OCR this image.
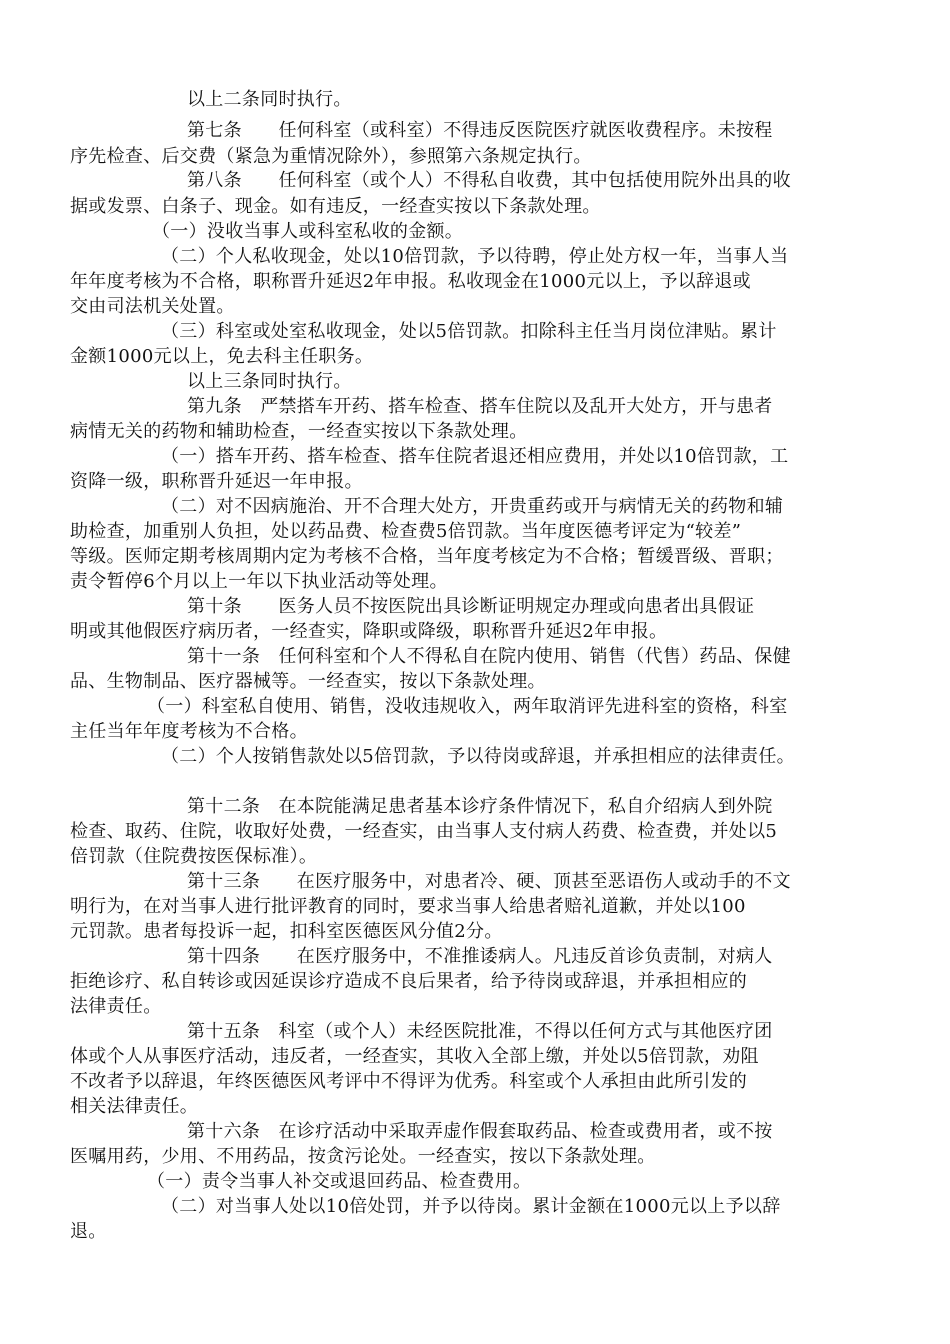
以上二条同时执行。
第七条　　任何科室（或科室）不得违反医院医疗就医收费程序。未按程
序先检查、后交费（紧急为重情况除外），参照第六条规定执行。
第八条　　任何科室（或个人）不得私自收费，其中包括使用院外出具的收
据或发票、白条子、现金。如有违反，一经查实按以下条款处理。
（一）没收当事人或科室私收的金额。
（二）个人私收现金，处以10倍罚款，予以待聘，停止处方权一年，当事人当
年年度考核为不合格，职称晋升延迟2年申报。私收现金在1000元以上，予以辞退或
交由司法机关处置。
（三）科室或处室私收现金，处以5倍罚款。扣除科主任当月岗位津贴。累计
金额1000元以上，免去科主任职务。
以上三条同时执行。
第九条　严禁搭车开药、搭车检查、搭车住院以及乱开大处方，开与患者
病情无关的药物和辅助检查，一经查实按以下条款处理。
（一）搭车开药、搭车检查、搭车住院者退还相应费用，并处以10倍罚款，工
资降一级，职称晋升延迟一年申报。
（二）对不因病施治、开不合理大处方，开贵重药或开与病情无关的药物和辅
助检查，加重别人负担，处以药品费、检查费5倍罚款。当年度医德考评定为“较差”
等级。医师定期考核周期内定为考核不合格，当年度考核定为不合格；暂缓晋级、晋职；
责令暂停6个月以上一年以下执业活动等处理。
第十条　　医务人员不按医院出具诊断证明规定办理或向患者出具假证
明或其他假医疗病历者，一经查实，降职或降级，职称晋升延迟2年申报。
第十一条　任何科室和个人不得私自在院内使用、销售（代售）药品、保健
品、生物制品、医疗器械等。一经查实，按以下条款处理。
（一）科室私自使用、销售，没收违规收入，两年取消评先进科室的资格，科室
主任当年年度考核为不合格。
（二）个人按销售款处以5倍罚款，予以待岗或辞退，并承担相应的法律责任。
第十二条　在本院能满足患者基本诊疗条件情况下，私自介绍病人到外院
检查、取药、住院，收取好处费，一经查实，由当事人支付病人药费、检查费，并处以5
倍罚款（住院费按医保标准）。
第十三条　　在医疗服务中，对患者冷、硬、顶甚至恶语伤人或动手的不文
明行为，在对当事人进行批评教育的同时，要求当事人给患者赔礼道歉，并处以100
元罚款。患者每投诉一起，扣科室医德医风分值2分。
第十四条　　在医疗服务中，不准推诿病人。凡违反首诊负责制，对病人
拒绝诊疗、私自转诊或因延误诊疗造成不良后果者，给予待岗或辞退，并承担相应的
法律责任。
第十五条　科室（或个人）未经医院批准，不得以任何方式与其他医疗团
体或个人从事医疗活动，违反者，一经查实，其收入全部上缴，并处以5倍罚款，劝阻
不改者予以辞退，年终医德医风考评中不得评为优秀。科室或个人承担由此所引发的
相关法律责任。
第十六条　在诊疗活动中采取弄虚作假套取药品、检查或费用者，或不按
医嘱用药，少用、不用药品，按贪污论处。一经查实，按以下条款处理。
（一）责令当事人补交或退回药品、检查费用。
（二）对当事人处以10倍处罚，并予以待岗。累计金额在1000元以上予以辞
退。
